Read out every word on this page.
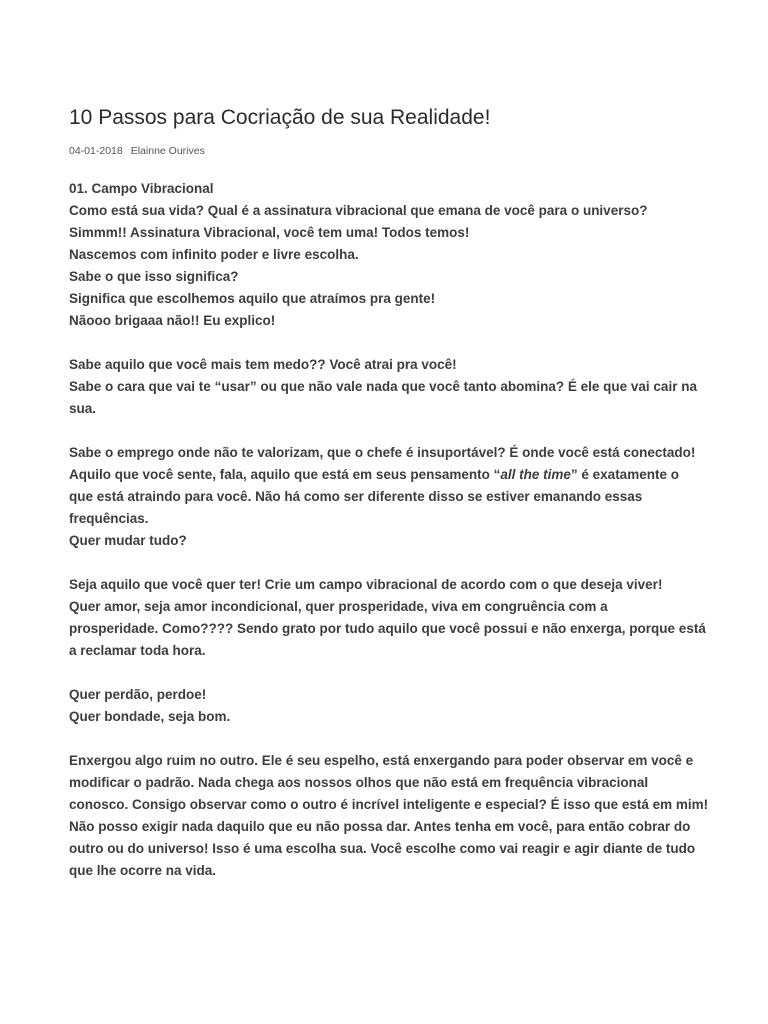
10 Passos para Cocriação de sua Realidade!
04-01-2018 Elainne Ourives
01. Campo Vibracional
Como está sua vida? Qual é a assinatura vibracional que emana de você para o universo?
Simmm!! Assinatura Vibracional, você tem uma! Todos temos!
Nascemos com infinito poder e livre escolha.
Sabe o que isso significa?
Significa que escolhemos aquilo que atraímos pra gente!
Nãooo brigaaa não!! Eu explico!
Sabe aquilo que você mais tem medo?? Você atrai pra você!
Sabe o cara que vai te “usar” ou que não vale nada que você tanto abomina? É ele que vai cair na
sua.
Sabe o emprego onde não te valorizam, que o chefe é insuportável? É onde você está conectado!
Aquilo que você sente, fala, aquilo que está em seus pensamento “all the time” é exatamente o
que está atraindo para você. Não há como ser diferente disso se estiver emanando essas
frequências.
Quer mudar tudo?
Seja aquilo que você quer ter! Crie um campo vibracional de acordo com o que deseja viver!
Quer amor, seja amor incondicional, quer prosperidade, viva em congruência com a
prosperidade. Como???? Sendo grato por tudo aquilo que você possui e não enxerga, porque está
a reclamar toda hora.
Quer perdão, perdoe!
Quer bondade, seja bom.
Enxergou algo ruim no outro. Ele é seu espelho, está enxergando para poder observar em você e
modificar o padrão. Nada chega aos nossos olhos que não está em frequência vibracional
conosco. Consigo observar como o outro é incrível inteligente e especial? É isso que está em mim!
Não posso exigir nada daquilo que eu não possa dar. Antes tenha em você, para então cobrar do
outro ou do universo! Isso é uma escolha sua. Você escolhe como vai reagir e agir diante de tudo
que lhe ocorre na vida.
